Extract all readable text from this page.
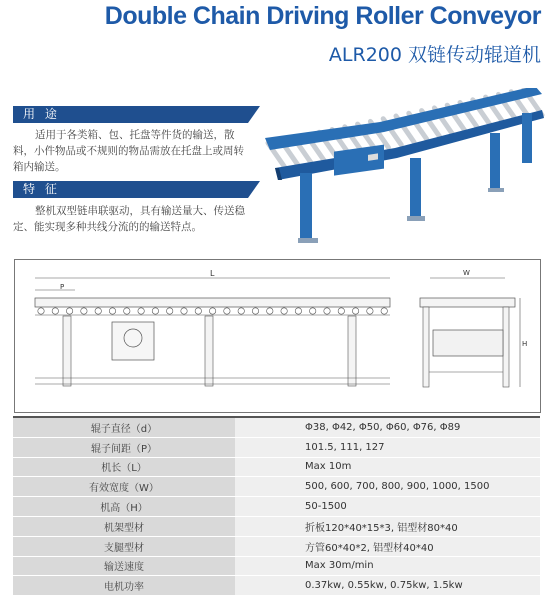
Double Chain Driving Roller Conveyor
ALR200 双链传动辊道机
用 途
适用于各类箱、包、托盘等件货的输送，散料，小件物品或不规则的物品需放在托盘上或周转箱内输送。
特 征
整机双型链串联驱动，具有输送量大、传送稳定、能实现多种共线分流的的输送特点。
L
P
W
H
辊子直径（d）	Φ38, Φ42, Φ50, Φ60, Φ76, Φ89
辊子间距（P）	101.5, 111, 127
机长（L）	Max 10m
有效宽度（W）	500, 600, 700, 800, 900, 1000, 1500
机高（H）	50-1500
机架型材	折板120*40*15*3, 铝型材80*40
支腿型材	方管60*40*2, 铝型材40*40
输送速度	Max 30m/min
电机功率	0.37kw, 0.55kw, 0.75kw, 1.5kw
